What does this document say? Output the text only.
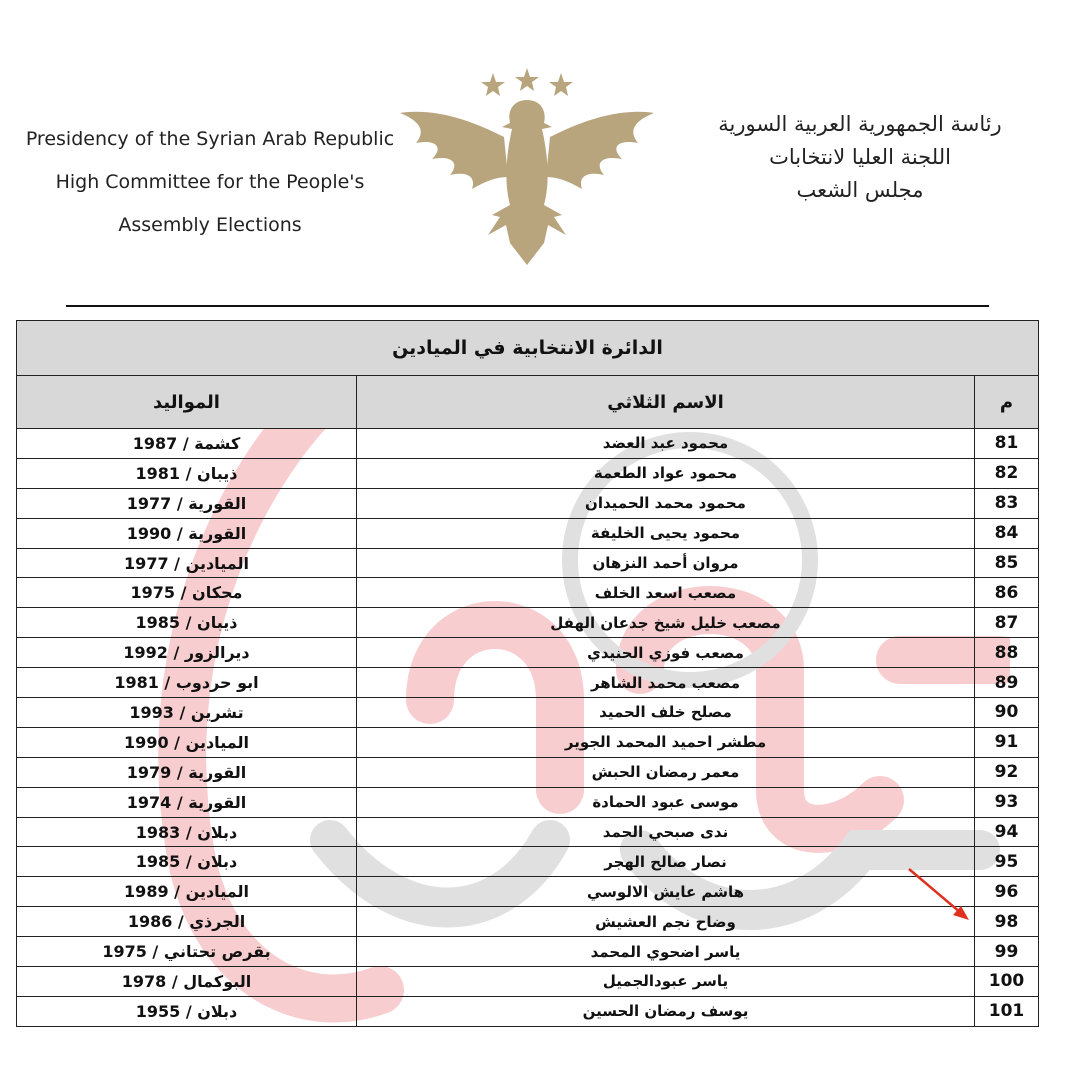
Presidency of the Syrian Arab Republic
High Committee for the People's
Assembly Elections
رئاسة الجمهورية العربية السورية
اللجنة العليا لانتخابات
مجلس الشعب
الدائرة الانتخابية في الميادين		
م	الاسم الثلاثي	المواليد
81	محمود عبد العضد	كشمة / 1987
82	محمود عواد الطعمة	ذيبان / 1981
83	محمود محمد الحميدان	القورية / 1977
84	محمود يحيى الخليفة	القورية / 1990
85	مروان أحمد النزهان	الميادين / 1977
86	مصعب اسعد الخلف	محكان / 1975
87	مصعب خليل شيخ جدعان الهفل	ذيبان / 1985
88	مصعب فوزي الحنيدي	ديرالزور / 1992
89	مصعب محمد الشاهر	ابو حردوب / 1981
90	مصلح خلف الحميد	تشرين / 1993
91	مطشر احميد المحمد الجوير	الميادين / 1990
92	معمر رمضان الحبش	القورية / 1979
93	موسى عبود الحمادة	القورية / 1974
94	ندى صبحي الحمد	دبلان / 1983
95	نصار صالح الهجر	دبلان / 1985
96	هاشم عايش الالوسي	الميادين / 1989
98	وضاح نجم العشيش	الجرذي / 1986
99	ياسر اضحوي المحمد	بقرص تحتاني / 1975
100	ياسر عبودالجميل	البوكمال / 1978
101	يوسف رمضان الحسين	دبلان / 1955
